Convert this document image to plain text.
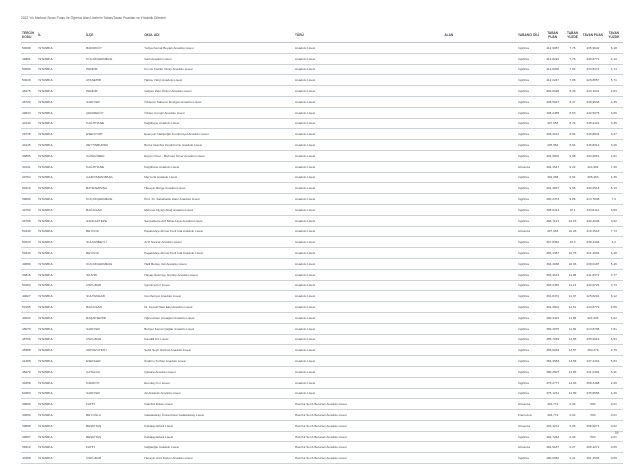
2022 Yılı Merkezi Sınav Puanı İle Öğrenci Alan Liselerin Taban/Tavan Puanları ve Yüzdelik Dilimleri
TERCİH KODU	İL	İLÇE	OKUL ADI	TÜRÜ	ALAN	YABANCI DİLİ	TABAN PUAN	TABAN YÜZDE	TAVAN PUAN	TAVAN YÜZDE
50098	İSTANBUL	BAKIRKÖY	Yahya Kemal Beyatlı Anadolu Lisesi	Anadolu Lisesi		İngilizce	412,9057	7,76	435,9642	6,18
49881	İSTANBUL	KÜÇÜKÇEKMECE	Gazi Anadolu Lisesi	Anadolu Lisesi		İngilizce	412,8222	7,76	436,8772	4,10
50999	İSTANBUL	PENDİK	Kırımlı Fazilet Olcay Anadolu Lisesi	Anadolu Lisesi		İngilizce	412,6206	7,82	433,8472	4,74
50028	İSTANBUL	ATAŞEHİR	Hatice Yahyi Anadolu Lisesi	Anadolu Lisesi		İngilizce	412,2247	7,88	426,8657	5,71
48275	İSTANBUL	PENDİK	Gülşen Zeki Özden Anadolu Lisesi	Anadolu Lisesi		İngilizce	409,0628	8,39	433,1941	4,83
48720	İSTANBUL	SARIYER	Özdemir Sabancı Emirgan Anadolu Lisesi	Anadolu Lisesi		İngilizce	408,5927	8,47	438,9548	4,35
49843	İSTANBUL	ÇEKMEKÖY	Özden Cengiz Anadolu Lisesi	Anadolu Lisesi		İngilizce	408,2485	8,53	442,5075	3,86
40130	İSTANBUL	KAĞITHANE	Kağıthane Anadolu Lisesi	Anadolu Lisesi		İngilizce	407,053	8,74	445,2421	3,35
39738	İSTANBUL	ESENYURT	Esenyurt Nakipoğlu Cumhuriyet Anadolu Lisesi	Anadolu Lisesi		İngilizce	406,4101	8,84	445,8844	3,27
40145	İSTANBUL	ZEYTİNBURNU	Borsa İstanbul Zeytinburnu Anadolu Lisesi	Anadolu Lisesi		İngilizce	405,654	8,94	445,8312	3,26
39895	İSTANBUL	GÜNGÖREN	Ergün Ömer - Mehmet Ömer Anadolu Lisesi	Anadolu Lisesi		İngilizce	404,6602	9,08	434,6851	4,61
40131	İSTANBUL	KAĞITHANE	Kağıthane Anadolu Lisesi	Anadolu Lisesi		Almanca	404,1547	9,22	414,982	7,46
39764	İSTANBUL	GAZİOSMANPAŞA	Merzeria Anadolu Lisesi	Anadolu Lisesi		İngilizce	402,268	9,54	465,463	1,36
50319	İSTANBUL	BAYRAMPAŞA	Hüseyin Bürge Anadolu Lisesi	Anadolu Lisesi		İngilizce	401,3837	9,66	430,0518	5,13
39808	İSTANBUL	KÜÇÜKÇEKMECE	Prof. Dr. Sabahattin Zaim Anadolu Lisesi	Anadolu Lisesi		İngilizce	400,2473	9,86	413,7848	7,6
49760	İSTANBUL	BAĞCILAR	Mehmet Niyazi Altuğ Anadolu Lisesi	Anadolu Lisesi		İngilizce	398,0413	10,1	443,8114	3,59
39798	İSTANBUL	SANCAKTEPE	Sancaktepe Arif Nihat Asya Anadolu Lisesi	Anadolu Lisesi		İngilizce	398,7121	10,15	440,4648	3,92
50448	İSTANBUL	BEYKOZ	Paşabahçe Ahmet Ferit İnal Anadolu Lisesi	Anadolu Lisesi		Almanca	397,963	10,26	410,1518	7,74
50323	İSTANBUL	SULTANBEYLİ	Aziz Sancar Anadolu Lisesi	Anadolu Lisesi		İngilizce	397,8362	10,3	438,1348	4,2
50449	İSTANBUL	BEYKOZ	Paşabahçe Ahmet Ferit İnal Anadolu Lisesi	Anadolu Lisesi		İngilizce	395,1387	10,76	421,4683	6,46
49880	İSTANBUL	KÜÇÜKÇEKMECE	Halil Betteş Veli Anadolu Lisesi	Anadolu Lisesi		İngilizce	394,4038	10,93	439,0187	5,46
39816	İSTANBUL	SİLİVRİ	Hasan-Selimiye Gümüş Anadolu Lisesi	Anadolu Lisesi		İngilizce	393,4613	11,08	441,8372	3,77
50184	İSTANBUL	ÜSKÜDAR	Çamlıca Kız Lisesi	Anadolu Lisesi		İngilizce	393,2465	11,13	442,0726	3,73
40027	İSTANBUL	SULTANGAZİ	Cumhuriyet Anadolu Lisesi	Anadolu Lisesi		İngilizce	391,8472	11,37	425,8291	6,12
50165	İSTANBUL	BAĞCILAR	Dr. Kemal Naci Ekşi Anadolu Lisesi	Anadolu Lisesi		İngilizce	391,2602	11,51	434,8779	4,86
40004	İSTANBUL	BAŞAKŞEHİR	Öğrenciden Armağan Anadolu Lisesi	Anadolu Lisesi		İngilizce	390,4423	11,65	424,306	6,02
48079	İSTANBUL	SARIYER	Behçet Kemal Çağlar Anadolu Lisesi	Anadolu Lisesi		İngilizce	389,4875	11,82	413,8788	7,81
48756	İSTANBUL	ÜSKÜDAR	Kandilli Kız Lisesi	Anadolu Lisesi		İngilizce	385,7239	12,55	435,6619	6,54
48388	İSTANBUL	ARNAVUTKÖY	Şehit Seyit Gürbüz Anadolu Lisesi	Anadolu Lisesi		İngilizce	385,6034	12,57	450,379	2,79
41388	İSTANBUL	ESENLER	İbrahim Turhan Anadolu Lisesi	Anadolu Lisesi		İngilizce	383,4583	13,56	437,2432	5,83
48270	İSTANBUL	ÇATALCA	Çatalca Anadolu Lisesi	Anadolu Lisesi		İngilizce	380,2507	13,83	431,0484	5,11
40258	İSTANBUL	KADIKÖY	Erenköy Kız Lisesi	Anadolu Lisesi		İngilizce	378,2777	14,03	458,3488	2,26
50380	İSTANBUL	SARIYER	Ali Ankaralı Anadolu Lisesi	Anadolu Lisesi		İngilizce	375,1241	14,89	435,8556	4,46
39890	İSTANBUL	FATİH	İstanbul Erkek Lisesi	Hazırlık Sınıfı Bulunan Anadolu Lisesi		Almanca	494,774	0,04	500	0,01
40059	İSTANBUL	BEYOĞLU	Galatasaray Üniversitesi Galatasaray Lisesi	Hazırlık Sınıfı Bulunan Anadolu Lisesi		Fransızca	494,774	0,04	500	0,01
39898	İSTANBUL	BEŞİKTAŞ	Kabataş Erkek Lisesi	Hazırlık Sınıfı Bulunan Anadolu Lisesi		Almanca	493,4272	0,05	498,0273	0,02
39897	İSTANBUL	BEŞİKTAŞ	Kabataş Erkek Lisesi	Hazırlık Sınıfı Bulunan Anadolu Lisesi		İngilizce	492,7264	0,06	500	0,01
39910	İSTANBUL	FATİH	Cağaloğlu Anadolu Lisesi	Hazırlık Sınıfı Bulunan Anadolu Lisesi		Almanca	484,9187	0,27	495,4272	0,05
40188	İSTANBUL	ÜSKÜDAR	Hüseyin Avni Sözen Anadolu Lisesi	Hazırlık Sınıfı Bulunan Anadolu Lisesi		İngilizce	480,6062	0,41	491,4548	0,06
59
